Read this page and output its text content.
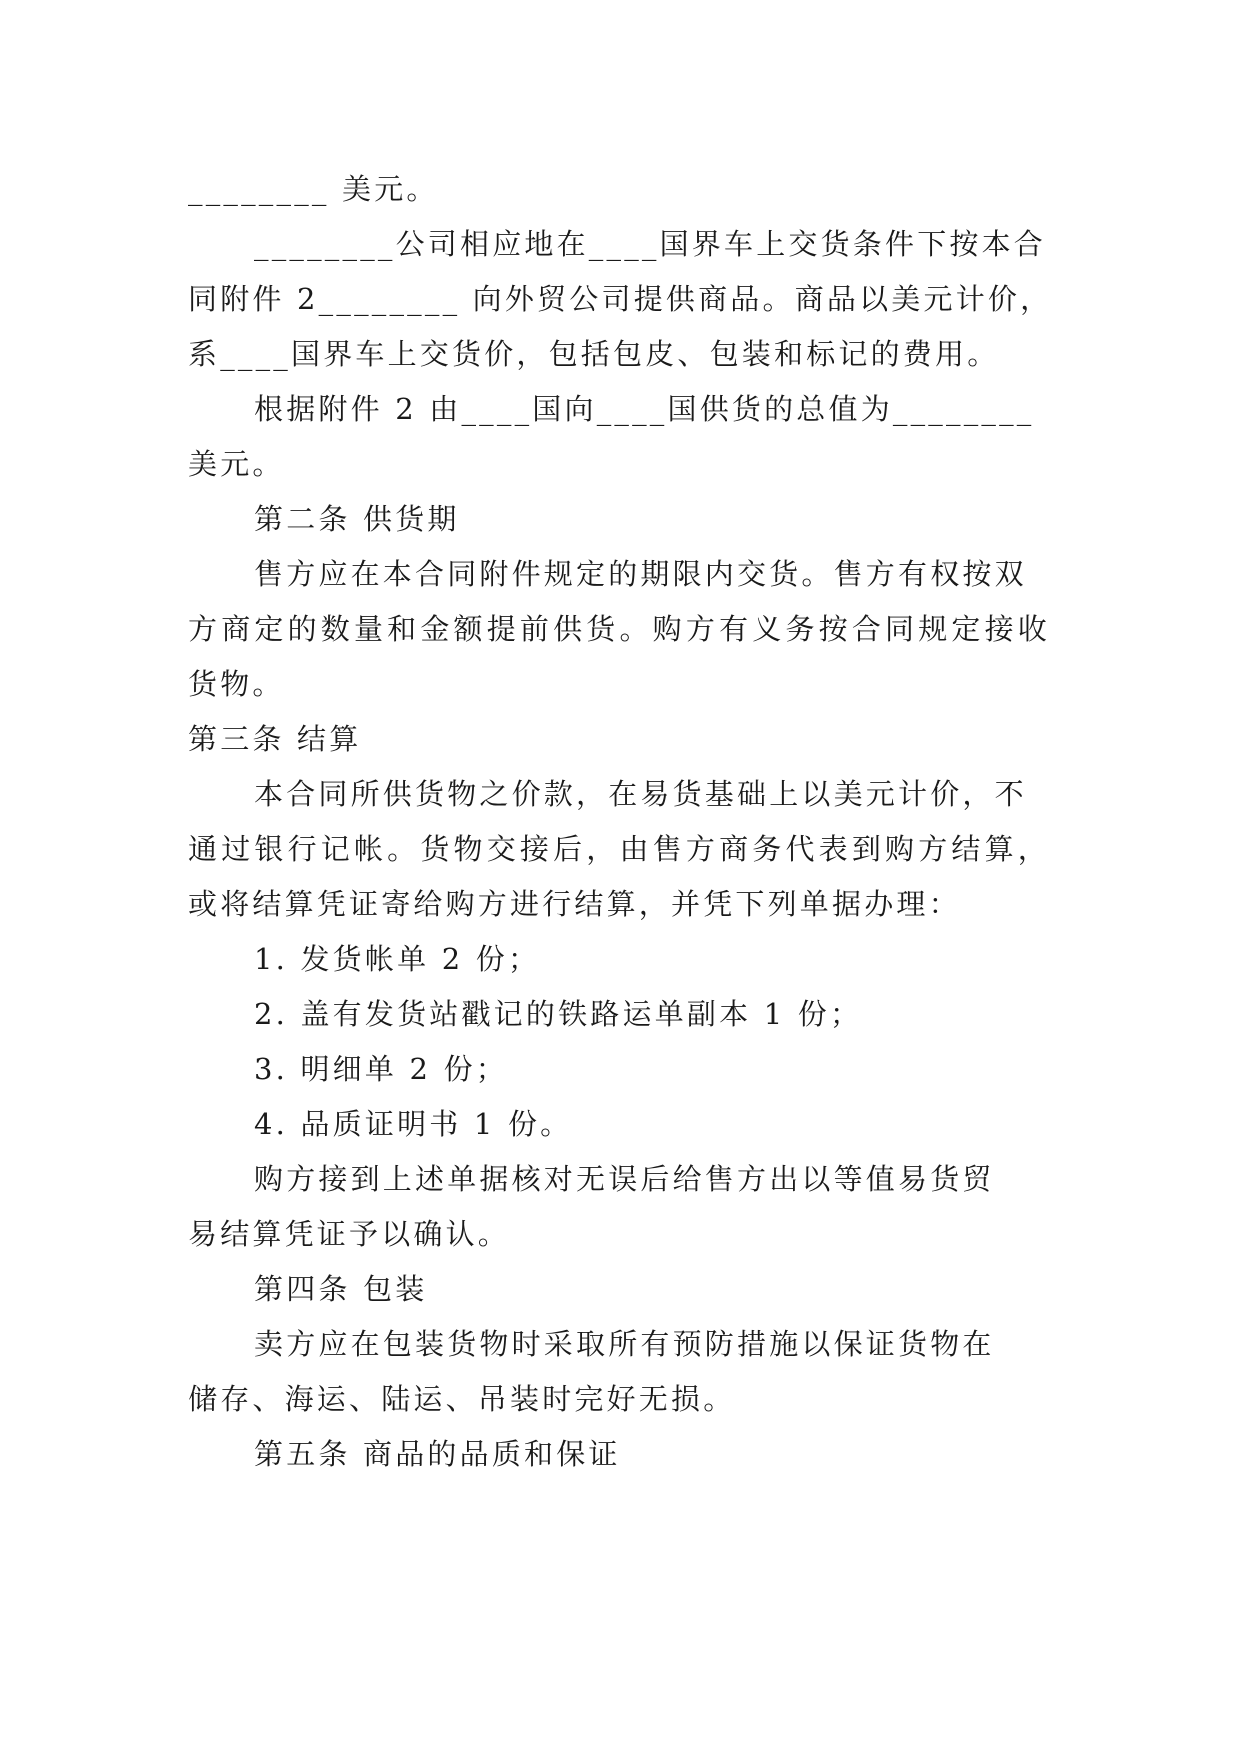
________ 美元。
________公司相应地在____国界车上交货条件下按本合
同附件 2________ 向外贸公司提供商品。商品以美元计价，
系____国界车上交货价，包括包皮、包装和标记的费用。
根据附件 2 由____国向____国供货的总值为________
美元。
第二条 供货期
售方应在本合同附件规定的期限内交货。售方有权按双
方商定的数量和金额提前供货。购方有义务按合同规定接收
货物。
第三条 结算
本合同所供货物之价款，在易货基础上以美元计价，不
通过银行记帐。货物交接后，由售方商务代表到购方结算，
或将结算凭证寄给购方进行结算，并凭下列单据办理：
1. 发货帐单 2 份；
2. 盖有发货站戳记的铁路运单副本 1 份；
3. 明细单 2 份；
4. 品质证明书 1 份。
购方接到上述单据核对无误后给售方出以等值易货贸
易结算凭证予以确认。
第四条 包装
卖方应在包装货物时采取所有预防措施以保证货物在
储存、海运、陆运、吊装时完好无损。
第五条 商品的品质和保证
